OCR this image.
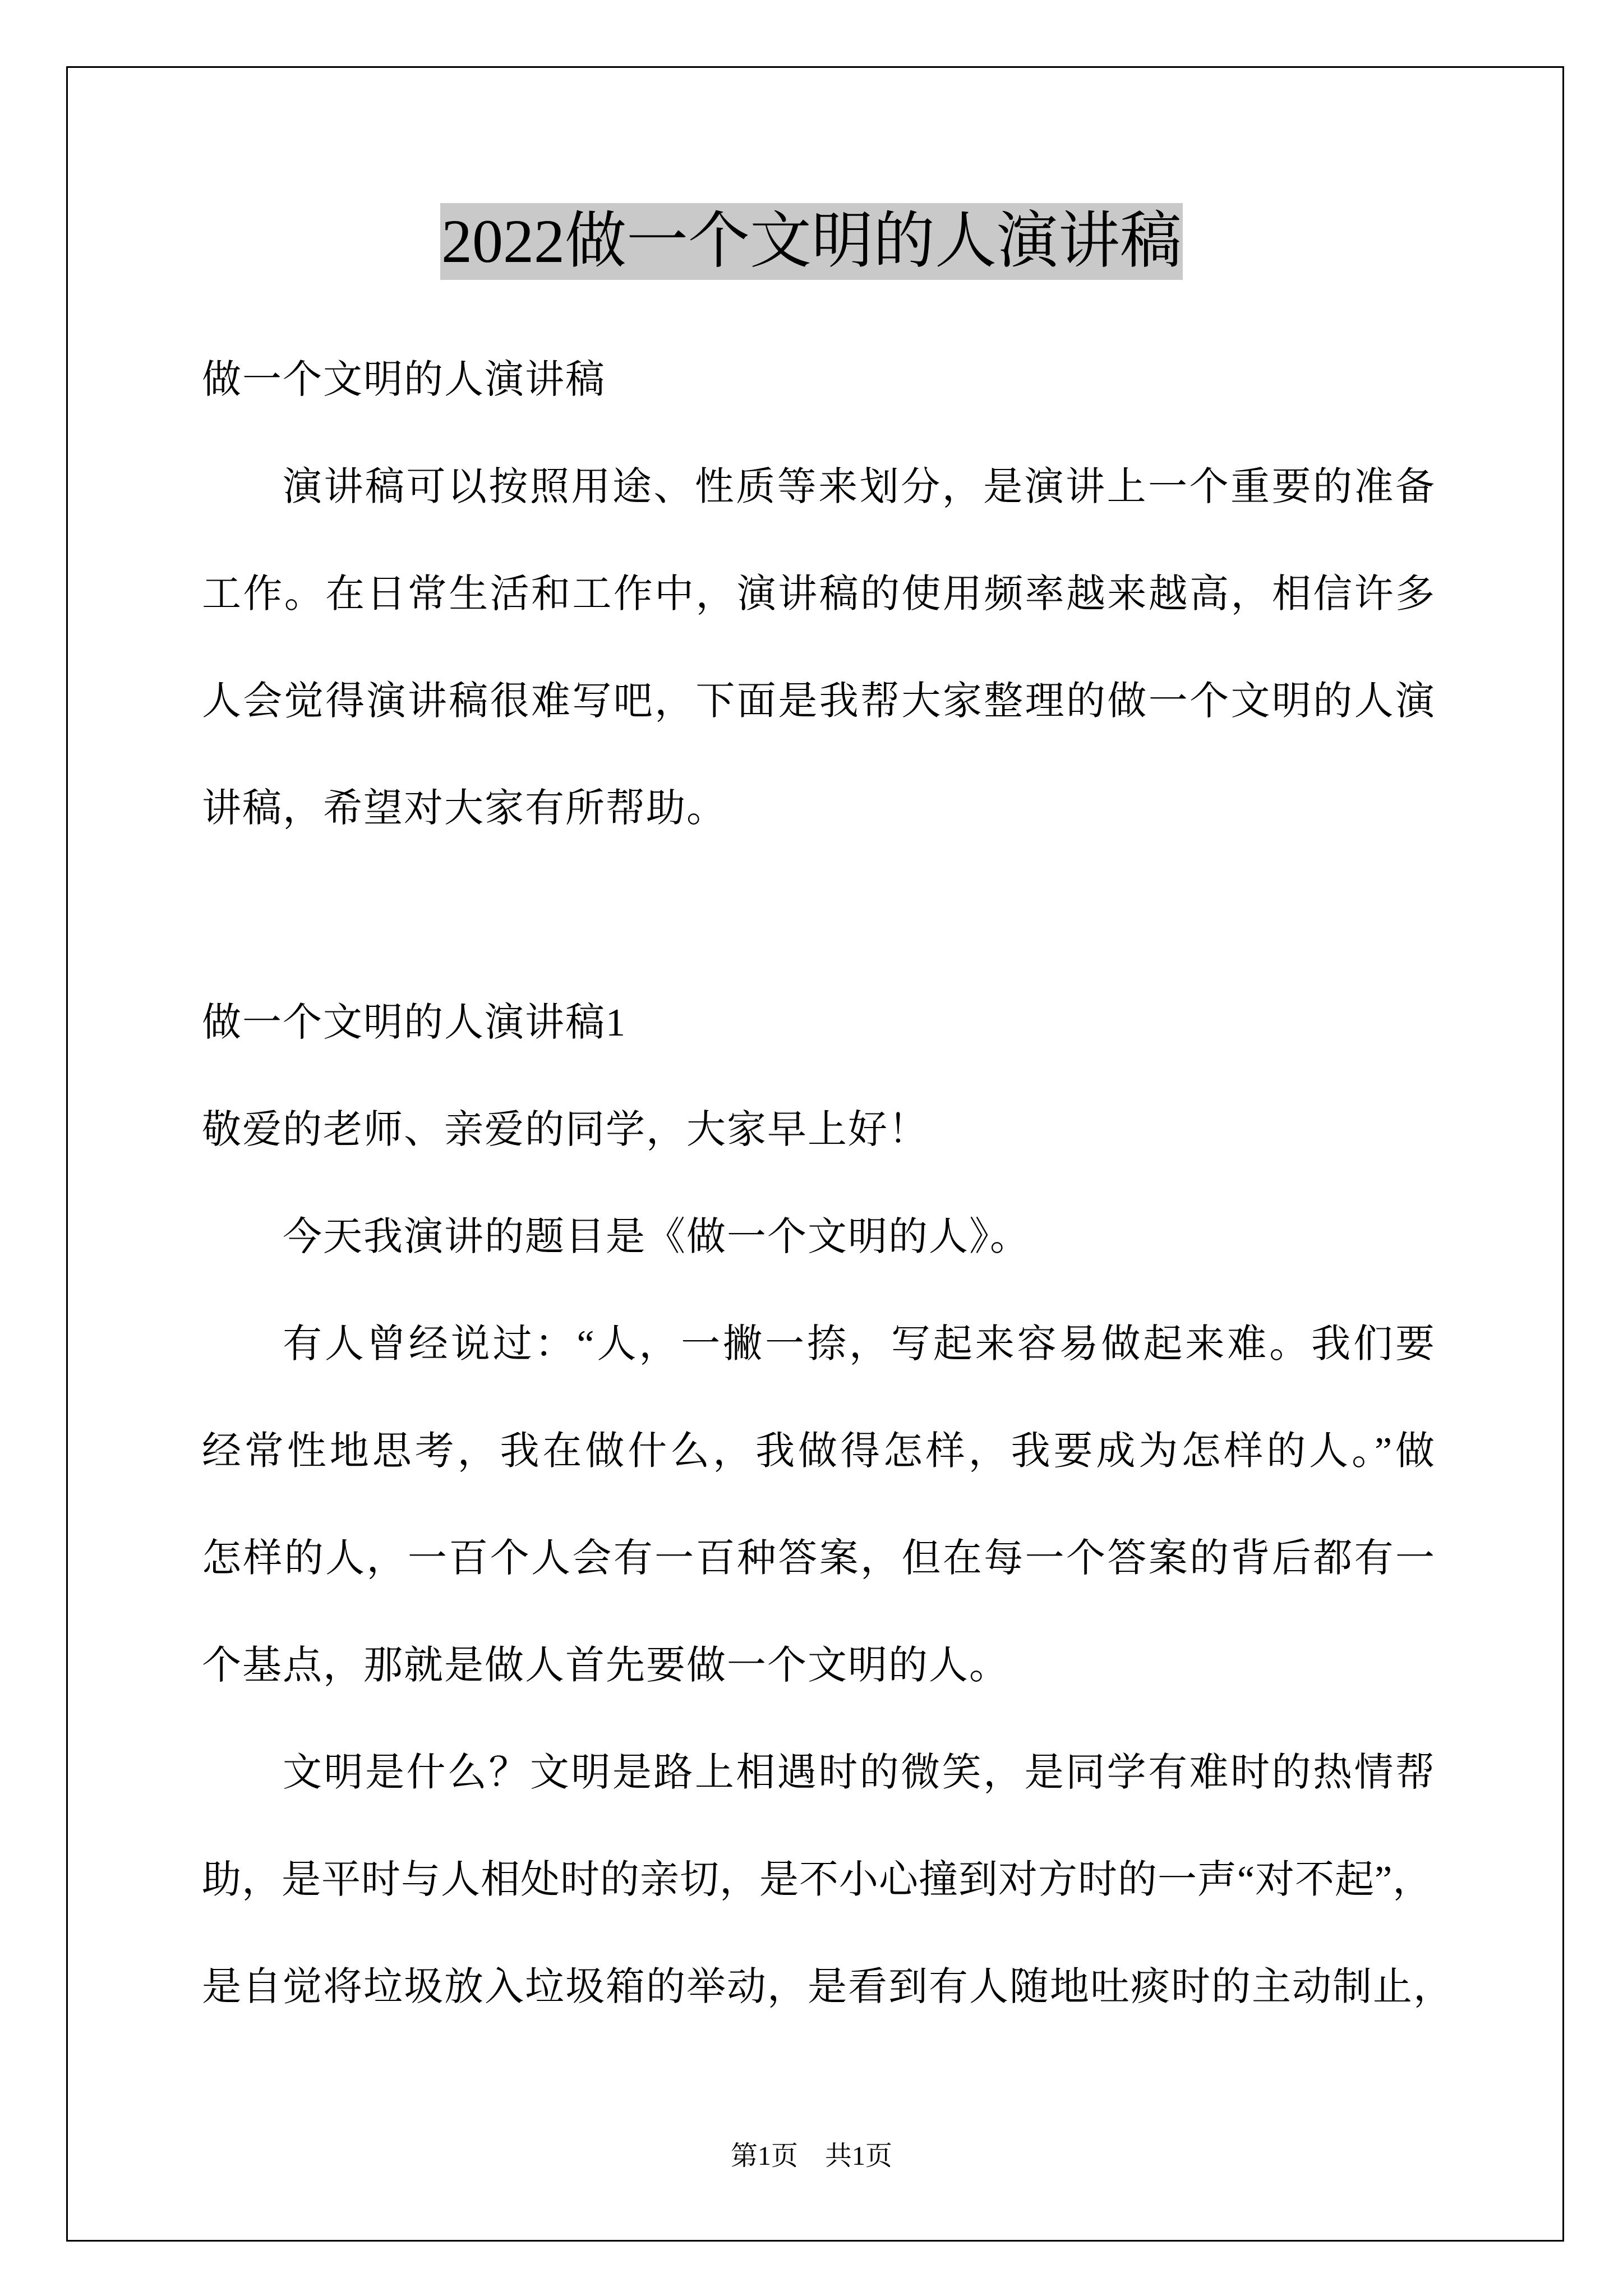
2022做一个文明的人演讲稿
做一个文明的人演讲稿
演讲稿可以按照用途、性质等来划分，是演讲上一个重要的准备
工作。在日常生活和工作中，演讲稿的使用频率越来越高，相信许多
人会觉得演讲稿很难写吧，下面是我帮大家整理的做一个文明的人演
讲稿，希望对大家有所帮助。
做一个文明的人演讲稿1
敬爱的老师、亲爱的同学，大家早上好！
今天我演讲的题目是《做一个文明的人》。
有人曾经说过：“人，一撇一捺，写起来容易做起来难。我们要
经常性地思考，我在做什么，我做得怎样，我要成为怎样的人。”做
怎样的人，一百个人会有一百种答案，但在每一个答案的背后都有一
个基点，那就是做人首先要做一个文明的人。
文明是什么？文明是路上相遇时的微笑，是同学有难时的热情帮
助，是平时与人相处时的亲切，是不小心撞到对方时的一声“对不起”，
是自觉将垃圾放入垃圾箱的举动，是看到有人随地吐痰时的主动制止，
第1页 共1页
